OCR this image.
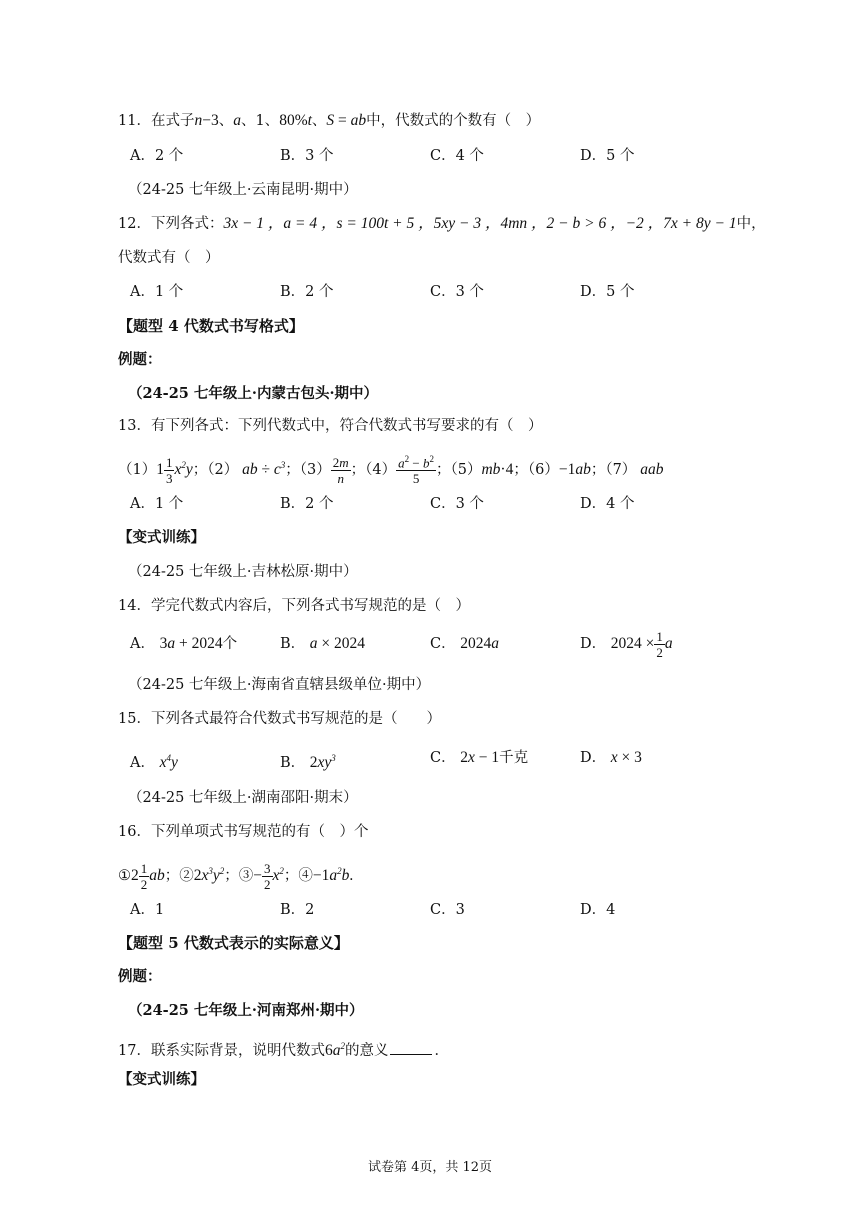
11．在式子n−3、a、1、80%t、S = ab中，代数式的个数有（　）
A．2 个	B．3 个	C．4 个	D．5 个
（24-25 七年级上·云南昆明·期中）
12．下列各式：3x − 1 ，a = 4 ，s = 100t + 5 ，5xy − 3 ，4mn ，2 − b > 6 ，−2 ，7x + 8y − 1中，
代数式有（　）
A．1 个	B．2 个	C．3 个	D．5 个
【题型 4 代数式书写格式】
例题：
（24-25 七年级上·内蒙古包头·期中）
13．有下列各式：下列代数式中，符合代数式书写要求的有（　）
$(1)1 \frac{1}{3} x^2y$；（2） ab ÷ $c^3$；$(3) \frac{2m}{n}$ ；$(4) \frac{a^2 - b^2}{5}$ ；（5）mb·4；（6）−1ab；（7） aab
A．1 个	B．2 个	C．3 个	D．4 个
【变式训练】
（24-25 七年级上·吉林松原·期中）
14．学完代数式内容后，下列各式书写规范的是（　）
A． 3a + 2024个	B． a × 2024	C． 2024a	D． $2024 \times \frac{1}{2}$ a
（24-25 七年级上·海南省直辖县级单位·期中）
15．下列各式最符合代数式书写规范的是（　　）
A． $x^4y$	B． $2xy^3$	C． 2x − 1千克	D． x × 3
（24-25 七年级上·湖南邵阳·期末）
16．下列单项式书写规范的有（　）个
①2 $\frac{1}{2}$ ab；$②2x^3y^2$；③− $\frac{3}{2} x^2$；$④-1a^2b$.
A．1	B．2	C．3	D．4
【题型 5 代数式表示的实际意义】
例题：
（24-25 七年级上·河南郑州·期中）
17．联系实际背景，说明代数式$6a^2$的意义	．
【变式训练】
试卷第 4页，共 12页
